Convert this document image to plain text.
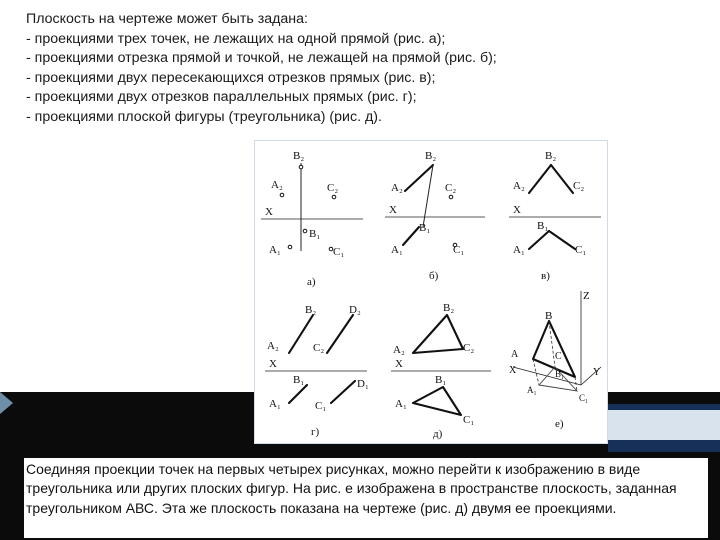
Плоскость на чертеже может быть задана:
- проекциями трех точек, не лежащих на одной прямой (рис. а);
- проекциями отрезка прямой и точкой, не лежащей на прямой (рис. б);
- проекциями двух пересекающихся отрезков прямых (рис. в);
- проекциями двух отрезков параллельных прямых (рис. г);
- проекциями плоской фигуры (треугольника) (рис. д).
B₂
A₂	C₂
X
B₁
A₁	C₁
а)
B₂
A₂	C₂
X
B₁
A₁	C₁
б)
B₂
A₂	C₂
X
B₁
A₁	C₁
в)
B₂	D₂
A₂	C₂
X
B₁	D₁
A₁	C₁
г)
B₂
A₂	C₂
X
B₁
A₁
C₁
д)
Z
B
A	C
X	Y
A₁
B₁
C₁
е)
Соединяя проекции точек на первых четырех рисунках, можно перейти к изображению в виде треугольника или других плоских фигур. На рис. е изображена в пространстве плоскость, заданная треугольником АВС. Эта же плоскость показана на чертеже (рис. д) двумя ее проекциями.
